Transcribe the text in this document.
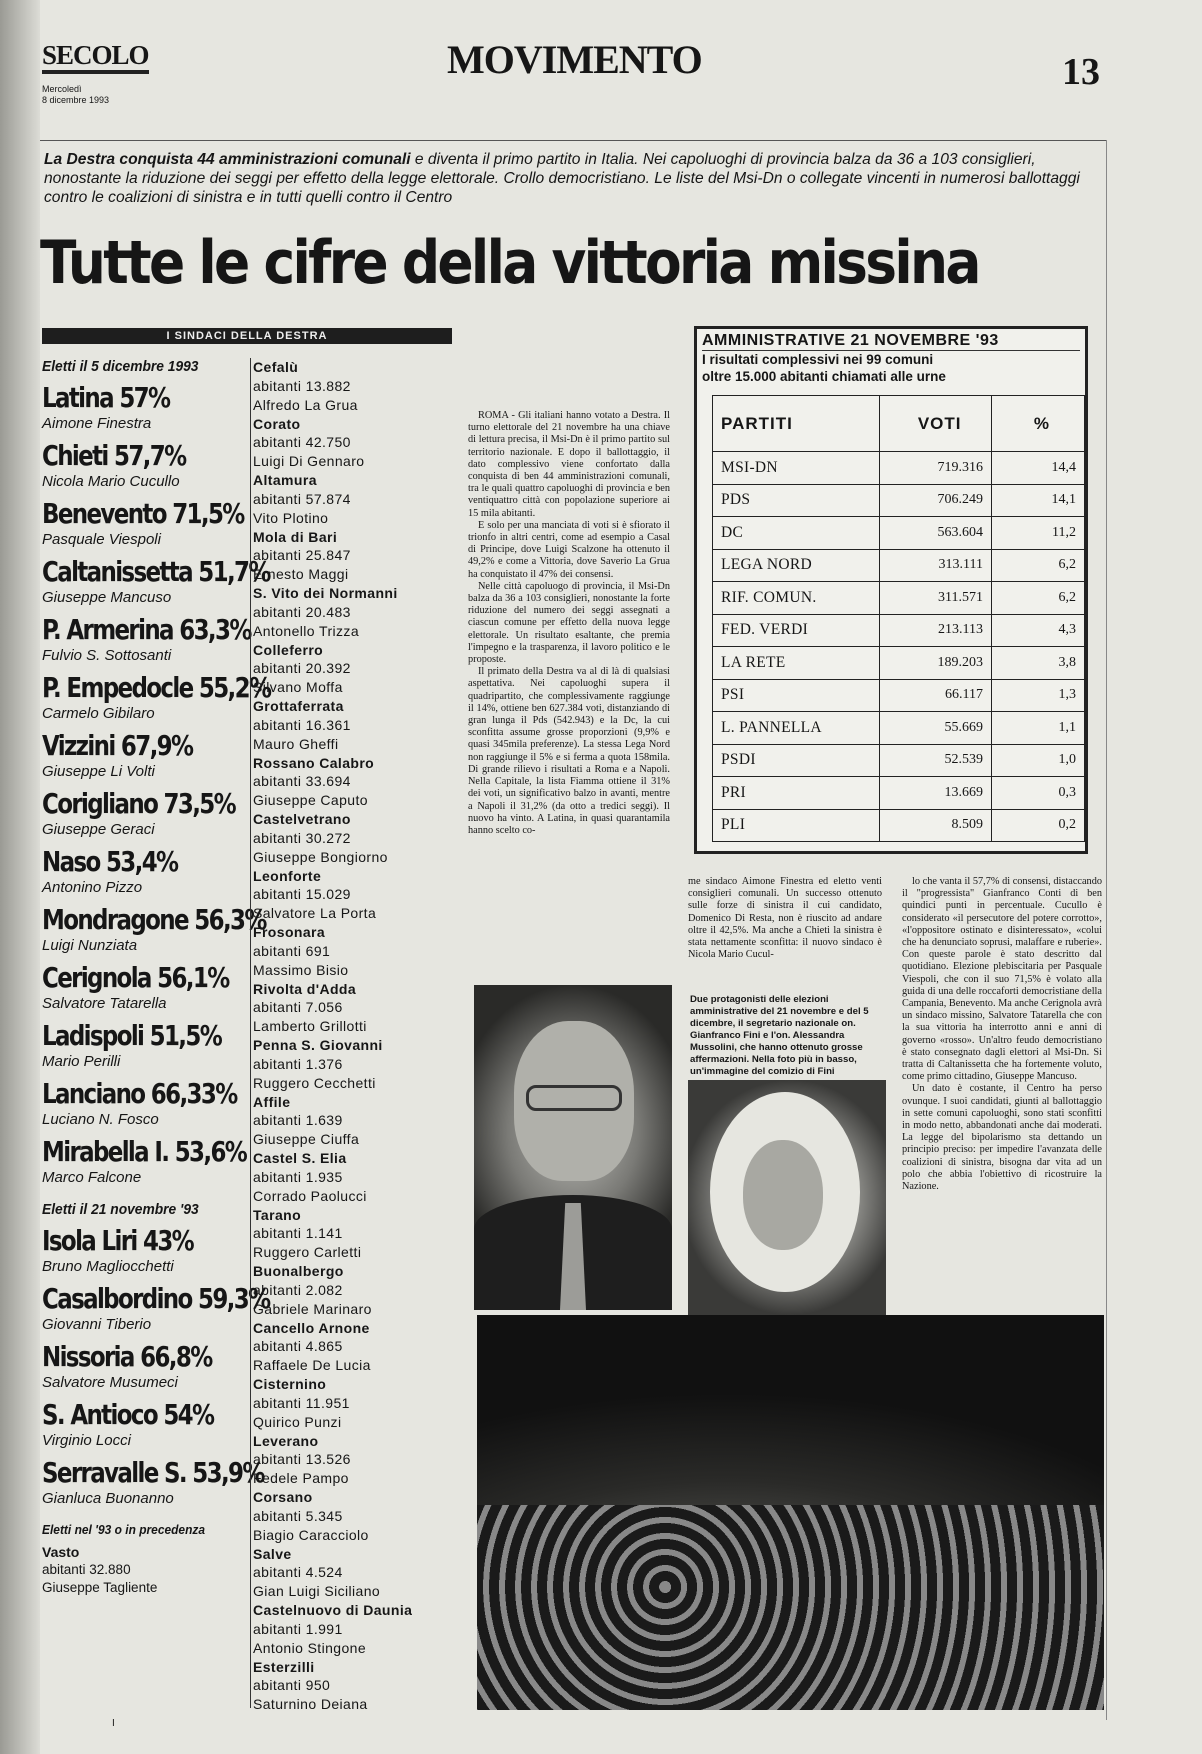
SECOLO
Mercoledì
8 dicembre 1993
MOVIMENTO	13
La Destra conquista 44 amministrazioni comunali e diventa il primo partito in Italia. Nei capoluoghi di provincia balza da 36 a 103 consiglieri, nonostante la riduzione dei seggi per effetto della legge elettorale. Crollo democristiano. Le liste del Msi-Dn o collegate vincenti in numerosi ballottaggi contro le coalizioni di sinistra e in tutti quelli contro il Centro
Tutte le cifre della vittoria missina
I SINDACI DELLA DESTRA
Eletti il 5 dicembre 1993
Latina 57%
Aimone Finestra
Chieti 57,7%
Nicola Mario Cucullo
Benevento 71,5%
Pasquale Viespoli
Caltanissetta 51,7%
Giuseppe Mancuso
P. Armerina 63,3%
Fulvio S. Sottosanti
P. Empedocle 55,2%
Carmelo Gibilaro
Vizzini 67,9%
Giuseppe Li Volti
Corigliano 73,5%
Giuseppe Geraci
Naso 53,4%
Antonino Pizzo
Mondragone 56,3%
Luigi Nunziata
Cerignola 56,1%
Salvatore Tatarella
Ladispoli 51,5%
Mario Perilli
Lanciano 66,33%
Luciano N. Fosco
Mirabella I. 53,6%
Marco Falcone
Eletti il 21 novembre '93
Isola Liri 43%
Bruno Magliocchetti
Casalbordino 59,3%
Giovanni Tiberio
Nissoria 66,8%
Salvatore Musumeci
S. Antioco 54%
Virginio Locci
Serravalle S. 53,9%
Gianluca Buonanno
Eletti nel '93 o in precedenza
Vasto
abitanti 32.880
Giuseppe Tagliente
Cefalù
abitanti 13.882
Alfredo La Grua
Corato
abitanti 42.750
Luigi Di Gennaro
Altamura
abitanti 57.874
Vito Plotino
Mola di Bari
abitanti 25.847
Ernesto Maggi
S. Vito dei Normanni
abitanti 20.483
Antonello Trizza
Colleferro
abitanti 20.392
Silvano Moffa
Grottaferrata
abitanti 16.361
Mauro Gheffi
Rossano Calabro
abitanti 33.694
Giuseppe Caputo
Castelvetrano
abitanti 30.272
Giuseppe Bongiorno
Leonforte
abitanti 15.029
Salvatore La Porta
Frosonara
abitanti 691
Massimo Bisio
Rivolta d'Adda
abitanti 7.056
Lamberto Grillotti
Penna S. Giovanni
abitanti 1.376
Ruggero Cecchetti
Affile
abitanti 1.639
Giuseppe Ciuffa
Castel S. Elia
abitanti 1.935
Corrado Paolucci
Tarano
abitanti 1.141
Ruggero Carletti
Buonalbergo
abitanti 2.082
Gabriele Marinaro
Cancello Arnone
abitanti 4.865
Raffaele De Lucia
Cisternino
abitanti 11.951
Quirico Punzi
Leverano
abitanti 13.526
Fedele Pampo
Corsano
abitanti 5.345
Biagio Caracciolo
Salve
abitanti 4.524
Gian Luigi Siciliano
Castelnuovo di Daunia
abitanti 1.991
Antonio Stingone
Esterzilli
abitanti 950
Saturnino Deiana

ROMA - Gli italiani hanno votato a Destra. Il turno elettorale del 21 novembre ha una chiave di lettura precisa, il Msi-Dn è il primo partito sul territorio nazionale. E dopo il ballottaggio, il dato complessivo viene confortato dalla conquista di ben 44 amministrazioni comunali, tra le quali quattro capoluoghi di provincia e ben ventiquattro città con popolazione superiore ai 15 mila abitanti.

E solo per una manciata di voti si è sfiorato il trionfo in altri centri, come ad esempio a Casal di Principe, dove Luigi Scalzone ha ottenuto il 49,2% e come a Vittoria, dove Saverio La Grua ha conquistato il 47% dei consensi.

Nelle città capoluogo di provincia, il Msi-Dn balza da 36 a 103 consiglieri, nonostante la forte riduzione del numero dei seggi assegnati a ciascun comune per effetto della nuova legge elettorale. Un risultato esaltante, che premia l'impegno e la trasparenza, il lavoro politico e le proposte.

Il primato della Destra va al di là di qualsiasi aspettativa. Nei capoluoghi supera il quadripartito, che complessivamente raggiunge il 14%, ottiene ben 627.384 voti, distanziando di gran lunga il Pds (542.943) e la Dc, la cui sconfitta assume grosse proporzioni (9,9% e quasi 345mila preferenze). La stessa Lega Nord non raggiunge il 5% e si ferma a quota 158mila. Di grande rilievo i risultati a Roma e a Napoli. Nella Capitale, la lista Fiamma ottiene il 31% dei voti, un significativo balzo in avanti, mentre a Napoli il 31,2% (da otto a tredici seggi). Il nuovo ha vinto. A Latina, in quasi quarantamila hanno scelto co-

AMMINISTRATIVE 21 NOVEMBRE '93
I risultati complessivi nei 99 comuni
oltre 15.000 abitanti chiamati alle urne
PARTITI	VOTI	%
MSI-DN	719.316	14,4
PDS	706.249	14,1
DC	563.604	11,2
LEGA NORD	313.111	6,2
RIF. COMUN.	311.571	6,2
FED. VERDI	213.113	4,3
LA RETE	189.203	3,8
PSI	66.117	1,3
L. PANNELLA	55.669	1,1
PSDI	52.539	1,0
PRI	13.669	0,3
PLI	8.509	0,2
me sindaco Aimone Finestra ed eletto venti consiglieri comunali. Un successo ottenuto sulle forze di sinistra il cui candidato, Domenico Di Resta, non è riuscito ad andare oltre il 42,5%. Ma anche a Chieti la sinistra è stata nettamente sconfitta: il nuovo sindaco è Nicola Mario Cucul-
Due protagonisti delle elezioni amministrative del 21 novembre e del 5 dicembre, il segretario nazionale on. Gianfranco Fini e l'on. Alessandra Mussolini, che hanno ottenuto grosse affermazioni. Nella foto più in basso, un'immagine del comizio di Fini

lo che vanta il 57,7% di consensi, distaccando il "progressista" Gianfranco Conti di ben quindici punti in percentuale. Cucullo è considerato «il persecutore del potere corrotto», «l'oppositore ostinato e disinteressato», «colui che ha denunciato soprusi, malaffare e ruberie». Con queste parole è stato descritto dal quotidiano. Elezione plebiscitaria per Pasquale Viespoli, che con il suo 71,5% è volato alla guida di una delle roccaforti democristiane della Campania, Benevento. Ma anche Cerignola avrà un sindaco missino, Salvatore Tatarella che con la sua vittoria ha interrotto anni e anni di governo «rosso». Un'altro feudo democristiano è stato consegnato dagli elettori al Msi-Dn. Si tratta di Caltanissetta che ha fortemente voluto, come primo cittadino, Giuseppe Mancuso.

Un dato è costante, il Centro ha perso ovunque. I suoi candidati, giunti al ballottaggio in sette comuni capoluoghi, sono stati sconfitti in modo netto, abbandonati anche dai moderati. La legge del bipolarismo sta dettando un principio preciso: per impedire l'avanzata delle coalizioni di sinistra, bisogna dar vita ad un polo che abbia l'obiettivo di ricostruire la Nazione.

I
